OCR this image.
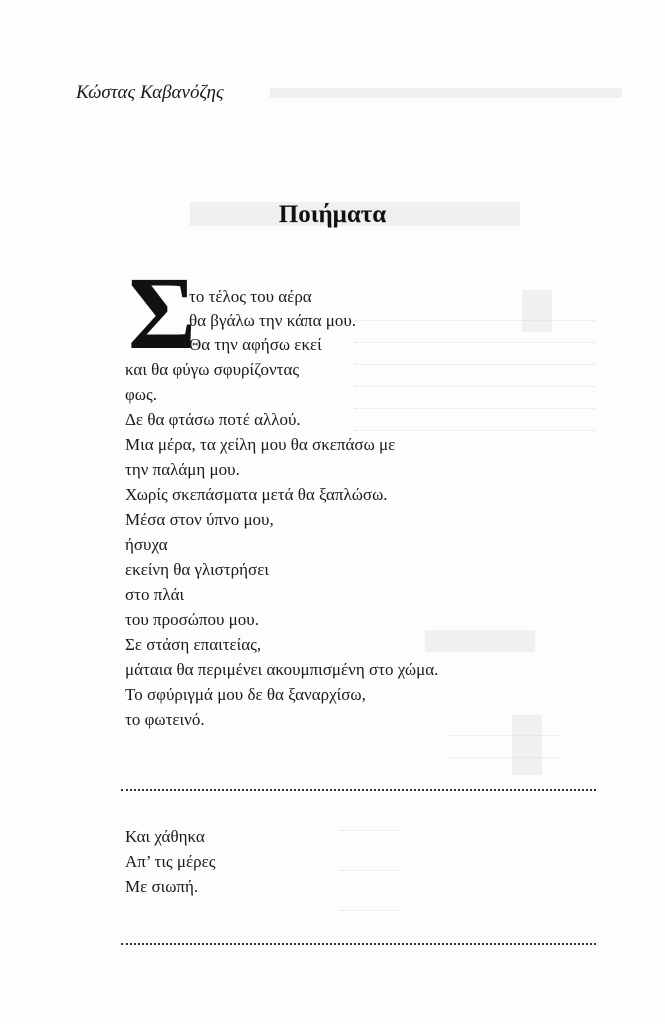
Κώστας Καβανόζης
Ποιήματα
Σ
το τέλος του αέρα
θα βγάλω την κάπα μου.
Θα την αφήσω εκεί
και θα φύγω σφυρίζοντας
φως.
Δε θα φτάσω ποτέ αλλού.
Μια μέρα, τα χείλη μου θα σκεπάσω με
την παλάμη μου.
Χωρίς σκεπάσματα μετά θα ξαπλώσω.
Μέσα στον ύπνο μου,
ήσυχα
εκείνη θα γλιστρήσει
στο πλάι
του προσώπου μου.
Σε στάση επαιτείας,
μάταια θα περιμένει ακουμπισμένη στο χώμα.
Το σφύριγμά μου δε θα ξαναρχίσω,
το φωτεινό.
Και χάθηκα
Απ’ τις μέρες
Με σιωπή.
